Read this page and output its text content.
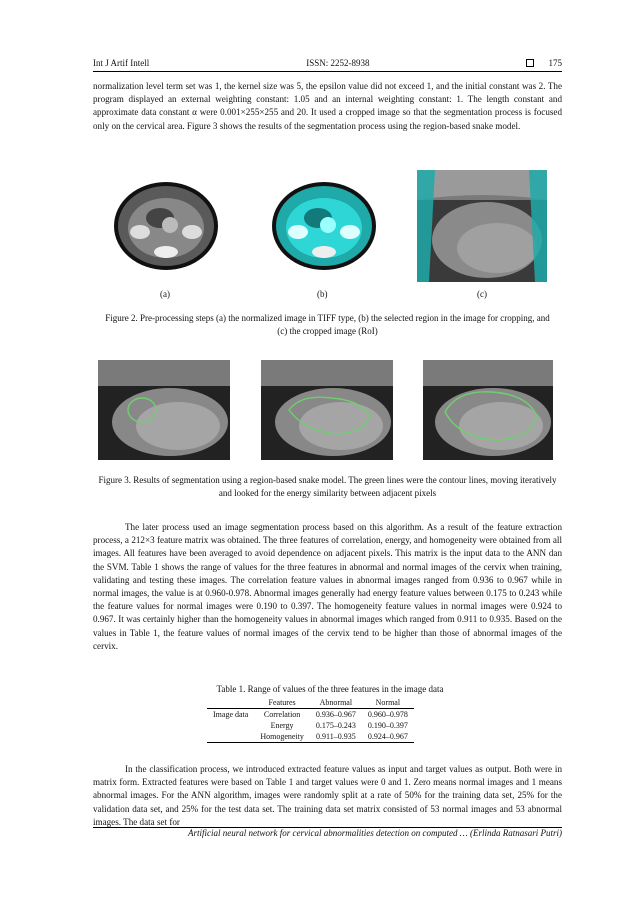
Int J Artif Intell	ISSN: 2252-8938	175

normalization level term set was 1, the kernel size was 5, the epsilon value did not exceed 1, and the initial constant was 2. The program displayed an external weighting constant: 1.05 and an internal weighting constant: 1. The length constant and approximate data constant α were 0.001×255×255 and 20. It used a cropped image so that the segmentation process is focused only on the cervical area. Figure 3 shows the results of the segmentation process using the region-based snake model.

(a)	(b)	(c)
Figure 2. Pre-processing steps (a) the normalized image in TIFF type, (b) the selected region in the image for cropping, and (c) the cropped image (RoI)
Figure 3. Results of segmentation using a region-based snake model. The green lines were the contour lines, moving iteratively and looked for the energy similarity between adjacent pixels

The later process used an image segmentation process based on this algorithm. As a result of the feature extraction process, a 212×3 feature matrix was obtained. The three features of correlation, energy, and homogeneity were obtained from all images. All features have been averaged to avoid dependence on adjacent pixels. This matrix is the input data to the ANN dan the SVM. Table 1 shows the range of values for the three features in abnormal and normal images of the cervix when training, validating and testing these images. The correlation feature values in abnormal images ranged from 0.936 to 0.967 while in normal images, the value is at 0.960-0.978. Abnormal images generally had energy feature values between 0.175 to 0.243 while the feature values for normal images were 0.190 to 0.397. The homogeneity feature values in normal images were 0.924 to 0.967. It was certainly higher than the homogeneity values in abnormal images which ranged from 0.911 to 0.935. Based on the values in Table 1, the feature values of normal images of the cervix tend to be higher than those of abnormal images of the cervix.

Table 1. Range of values of the three features in the image data
	Features	Abnormal	Normal
Image data	Correlation	0.936–0.967	0.960–0.978
	Energy	0.175–0.243	0.190–0.397
	Homogeneity	0.911–0.935	0.924–0.967

In the classification process, we introduced extracted feature values as input and target values as output. Both were in matrix form. Extracted features were based on Table 1 and target values were 0 and 1. Zero means normal images and 1 means abnormal images. For the ANN algorithm, images were randomly split at a rate of 50% for the training data set, 25% for the validation data set, and 25% for the test data set. The training data set matrix consisted of 53 normal images and 53 abnormal images. The data set for

Artificial neural network for cervical abnormalities detection on computed … (Erlinda Ratnasari Putri)
